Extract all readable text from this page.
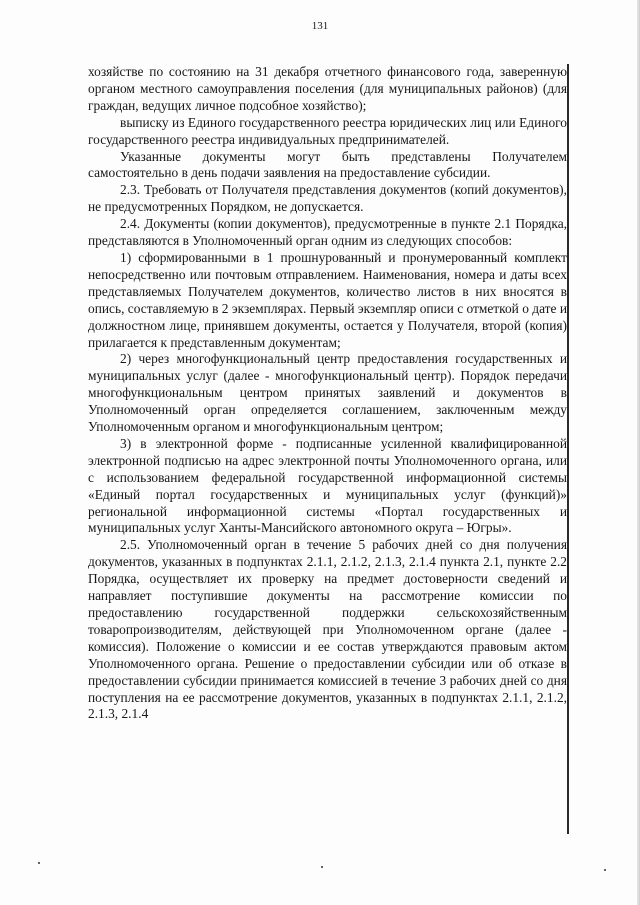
131

хозяйстве по состоянию на 31 декабря отчетного финансового года, заверенную органом местного самоуправления поселения (для муниципальных районов) (для граждан, ведущих личное подсобное хозяйство);

выписку из Единого государственного реестра юридических лиц или Единого государственного реестра индивидуальных предпринимателей.

Указанные документы могут быть представлены Получателем самостоятельно в день подачи заявления на предоставление субсидии.

2.3. Требовать от Получателя представления документов (копий документов), не предусмотренных Порядком, не допускается.

2.4. Документы (копии документов), предусмотренные в пункте 2.1 Порядка, представляются в Уполномоченный орган одним из следующих способов:

1) сформированными в 1 прошнурованный и пронумерованный комплект непосредственно или почтовым отправлением. Наименования, номера и даты всех представляемых Получателем документов, количество листов в них вносятся в опись, составляемую в 2 экземплярах. Первый экземпляр описи с отметкой о дате и должностном лице, принявшем документы, остается у Получателя, второй (копия) прилагается к представленным документам;

2) через многофункциональный центр предоставления государственных и муниципальных услуг (далее - многофункциональный центр). Порядок передачи многофункциональным центром принятых заявлений и документов в Уполномоченный орган определяется соглашением, заключенным между Уполномоченным органом и многофункциональным центром;

3) в электронной форме - подписанные усиленной квалифицированной электронной подписью на адрес электронной почты Уполномоченного органа, или с использованием федеральной государственной информационной системы «Единый портал государственных и муниципальных услуг (функций)» региональной информационной системы «Портал государственных и муниципальных услуг Ханты-Мансийского автономного округа – Югры».

2.5. Уполномоченный орган в течение 5 рабочих дней со дня получения документов, указанных в подпунктах 2.1.1, 2.1.2, 2.1.3, 2.1.4 пункта 2.1, пункте 2.2 Порядка, осуществляет их проверку на предмет достоверности сведений и направляет поступившие документы на рассмотрение комиссии по предоставлению государственной поддержки сельскохозяйственным товаропроизводителям, действующей при Уполномоченном органе (далее - комиссия). Положение о комиссии и ее состав утверждаются правовым актом Уполномоченного органа. Решение о предоставлении субсидии или об отказе в предоставлении субсидии принимается комиссией в течение 3 рабочих дней со дня поступления на ее рассмотрение документов, указанных в подпунктах 2.1.1, 2.1.2, 2.1.3, 2.1.4
